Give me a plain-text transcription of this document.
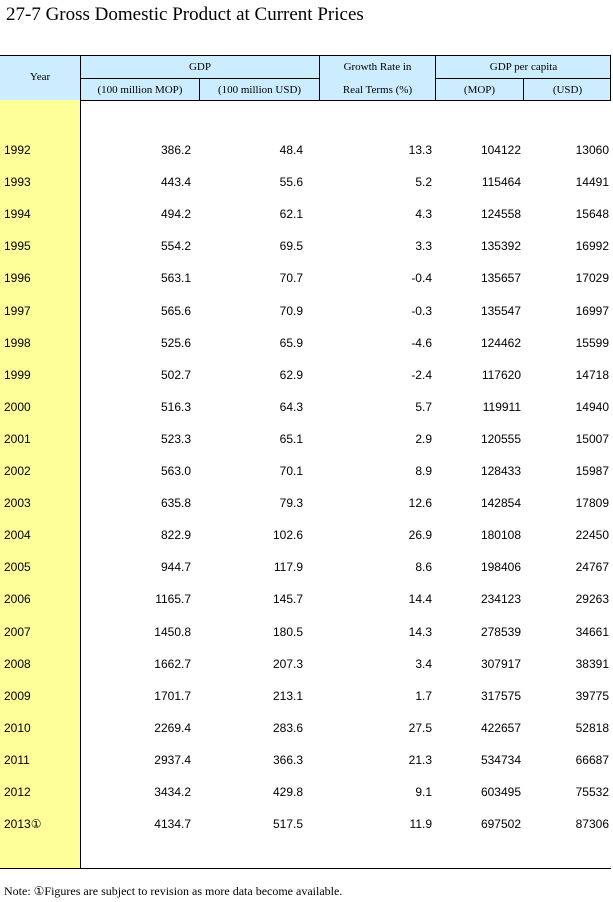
27-7 Gross Domestic Product at Current Prices
Year
GDP
(100 million MOP)	(100 million USD)
Growth Rate in
Real Terms (%)
GDP per capita
(MOP)	(USD)
1992	386.2	48.4	13.3	104122	13060
1993	443.4	55.6	5.2	115464	14491
1994	494.2	62.1	4.3	124558	15648
1995	554.2	69.5	3.3	135392	16992
1996	563.1	70.7	-0.4	135657	17029
1997	565.6	70.9	-0.3	135547	16997
1998	525.6	65.9	-4.6	124462	15599
1999	502.7	62.9	-2.4	117620	14718
2000	516.3	64.3	5.7	119911	14940
2001	523.3	65.1	2.9	120555	15007
2002	563.0	70.1	8.9	128433	15987
2003	635.8	79.3	12.6	142854	17809
2004	822.9	102.6	26.9	180108	22450
2005	944.7	117.9	8.6	198406	24767
2006	1165.7	145.7	14.4	234123	29263
2007	1450.8	180.5	14.3	278539	34661
2008	1662.7	207.3	3.4	307917	38391
2009	1701.7	213.1	1.7	317575	39775
2010	2269.4	283.6	27.5	422657	52818
2011	2937.4	366.3	21.3	534734	66687
2012	3434.2	429.8	9.1	603495	75532
2013①	4134.7	517.5	11.9	697502	87306
Note: ①Figures are subject to revision as more data become available.
